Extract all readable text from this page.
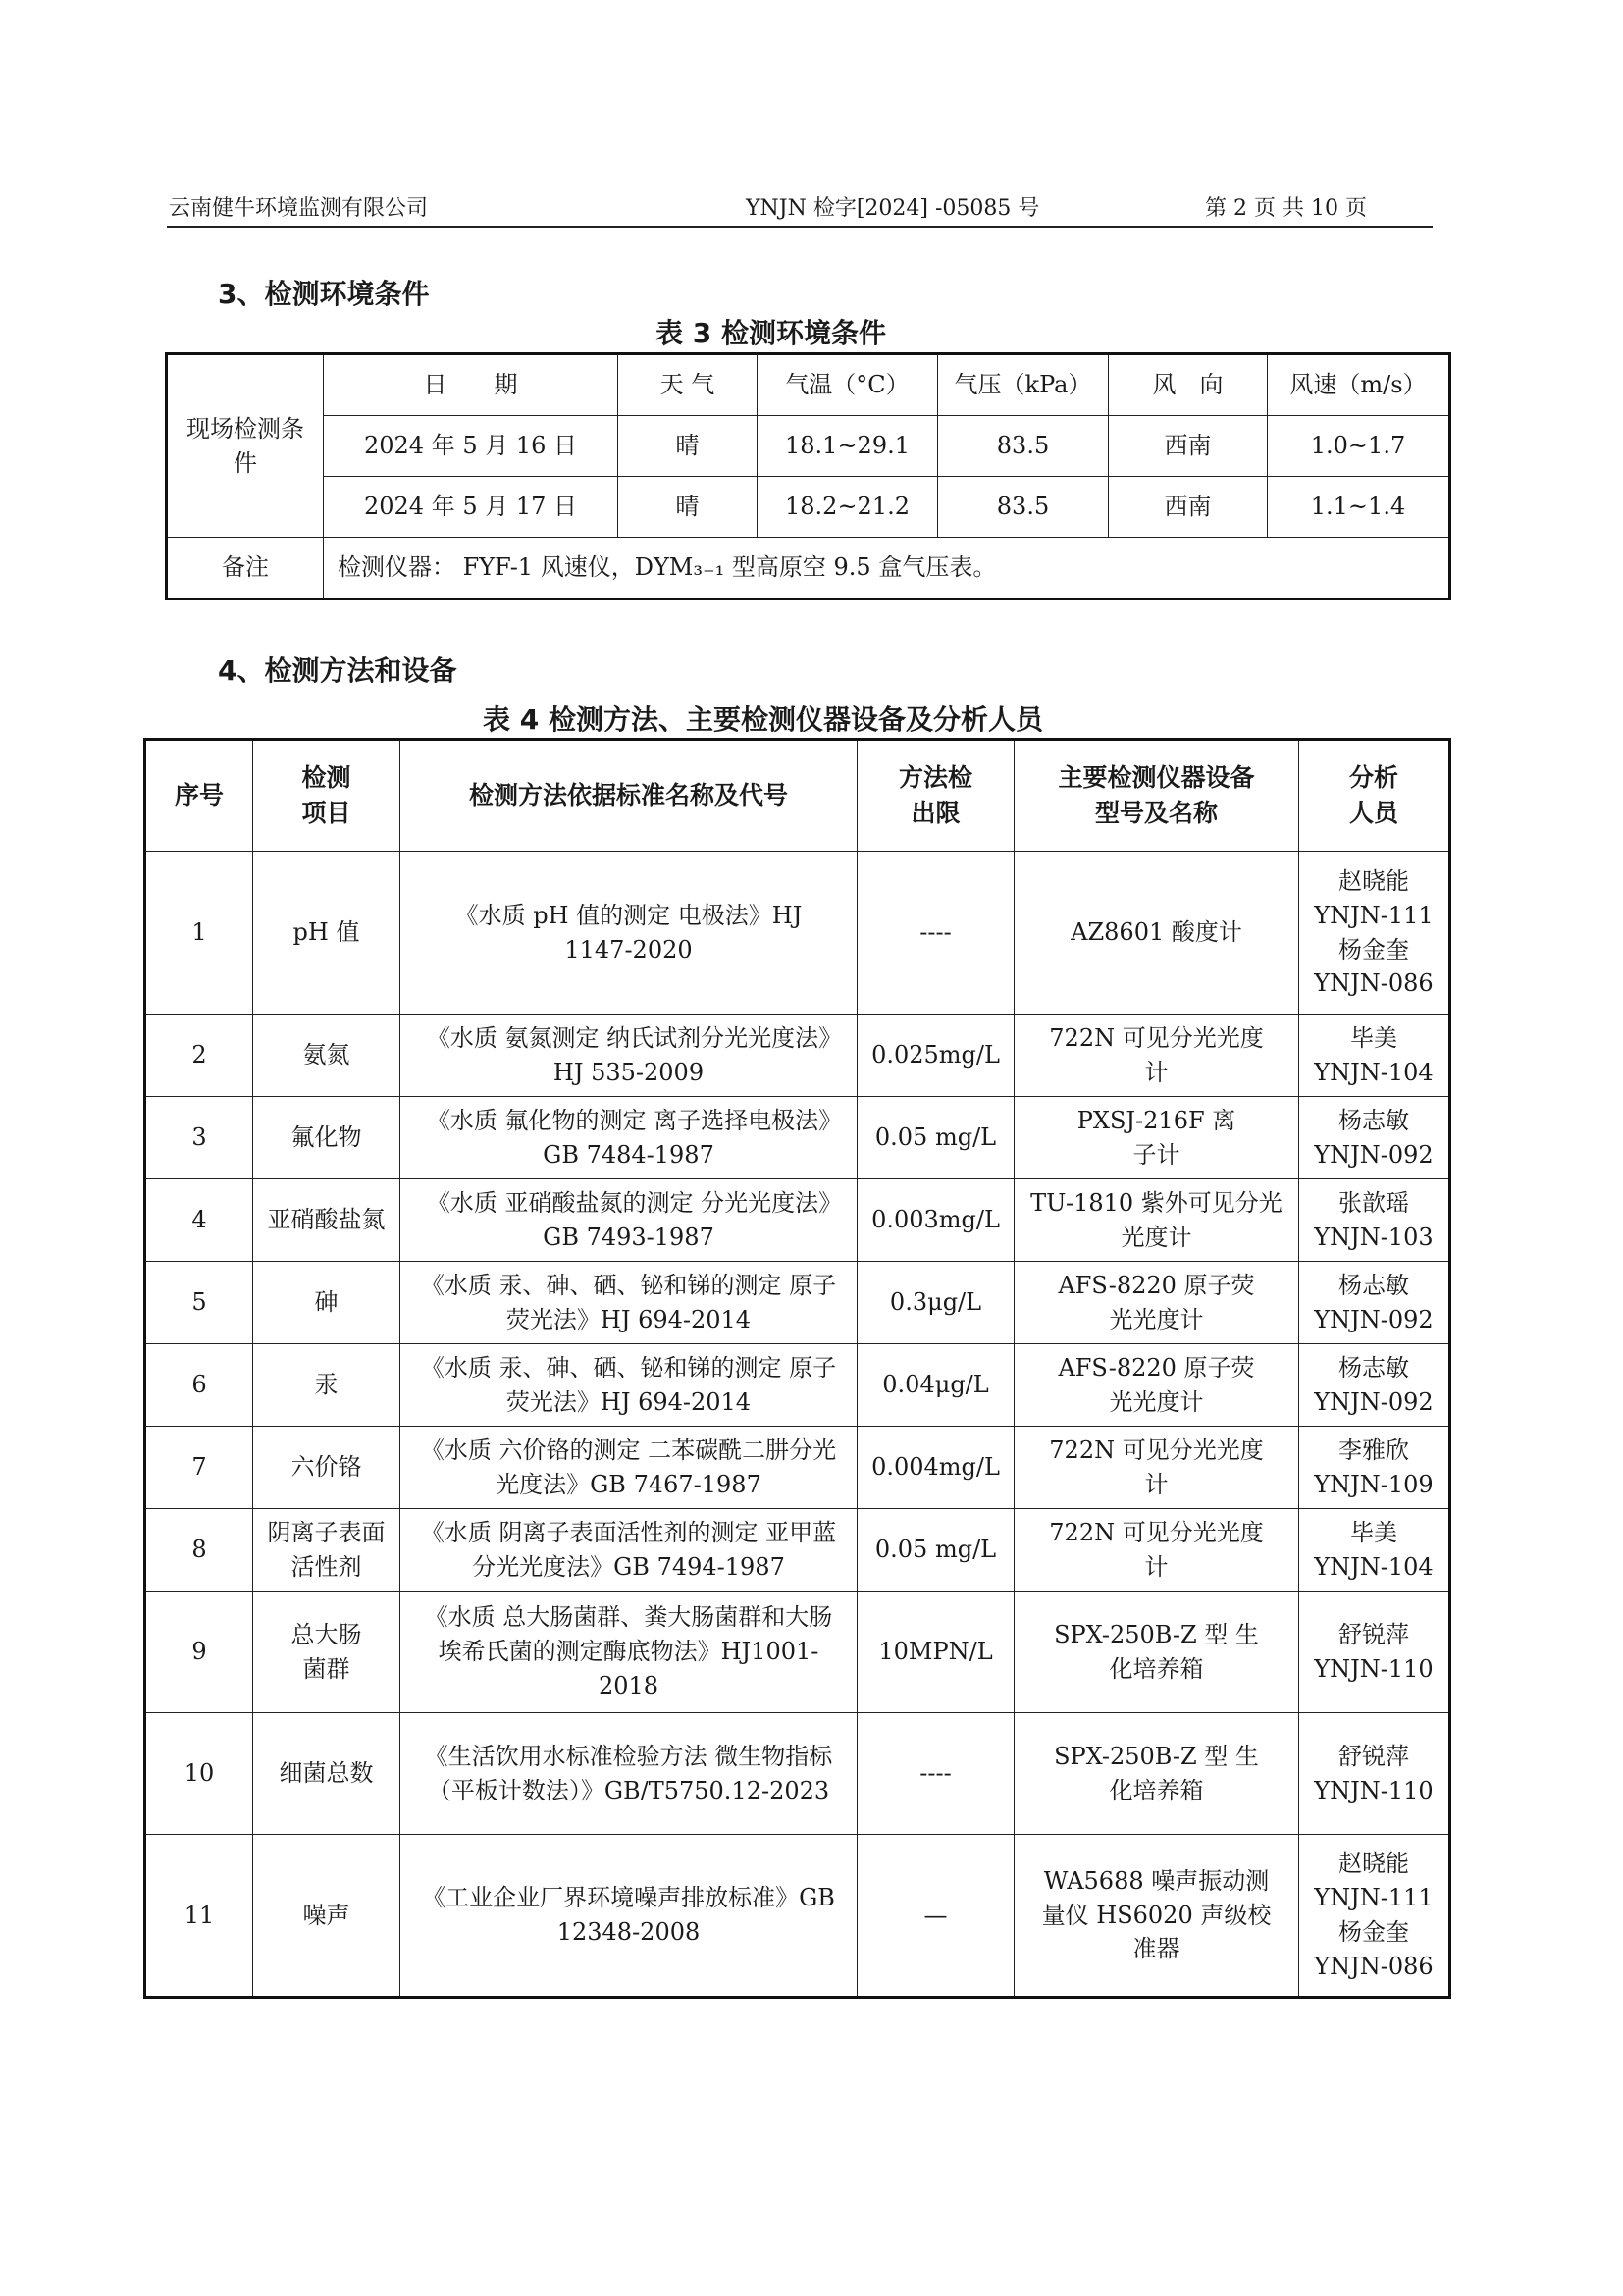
云南健牛环境监测有限公司	YNJN 检字[2024] -05085 号	第 2 页 共 10 页
3、检测环境条件
表 3 检测环境条件
现场检测条件	日　　期	天 气	气温（°C）	气压（kPa）	风　向	风速（m/s）
	2024 年 5 月 16 日	晴	18.1~29.1	83.5	西南	1.0~1.7
	2024 年 5 月 17 日	晴	18.2~21.2	83.5	西南	1.1~1.4
备注	检测仪器： FYF-1 风速仪，DYM₃₋₁ 型高原空 9.5 盒气压表。					
4、检测方法和设备
表 4 检测方法、主要检测仪器设备及分析人员
序号	检测项目	检测方法依据标准名称及代号	方法检出限	主要检测仪器设备型号及名称	分析人员
1	pH 值	《水质 pH 值的测定 电极法》HJ 1147-2020	----	AZ8601 酸度计	赵晓能
YNJN-111
杨金奎
YNJN-086

2	氨氮	《水质 氨氮测定 纳氏试剂分光光度法》HJ 535-2009	0.025mg/L	722N 可见分光光度计	毕美
YNJN-104

3	氟化物	《水质 氟化物的测定 离子选择电极法》GB 7484-1987	0.05 mg/L	PXSJ-216F 离子计	杨志敏
YNJN-092

4	亚硝酸盐氮	《水质 亚硝酸盐氮的测定 分光光度法》GB 7493-1987	0.003mg/L	TU-1810 紫外可见分光光度计	张歆瑶
YNJN-103

5	砷	《水质 汞、砷、硒、铋和锑的测定 原子荧光法》HJ 694-2014	0.3μg/L	AFS-8220 原子荧光光度计	杨志敏
YNJN-092

6	汞	《水质 汞、砷、硒、铋和锑的测定 原子荧光法》HJ 694-2014	0.04μg/L	AFS-8220 原子荧光光度计	杨志敏
YNJN-092

7	六价铬	《水质 六价铬的测定 二苯碳酰二肼分光光度法》GB 7467-1987	0.004mg/L	722N 可见分光光度计	李雅欣
YNJN-109

8	阴离子表面活性剂	《水质 阴离子表面活性剂的测定 亚甲蓝分光光度法》GB 7494-1987	0.05 mg/L	722N 可见分光光度计	毕美
YNJN-104

9	总大肠菌群	《水质 总大肠菌群、粪大肠菌群和大肠埃希氏菌的测定酶底物法》HJ1001-2018	10MPN/L	SPX-250B-Z 型 生化培养箱	舒锐萍
YNJN-110

10	细菌总数	《生活饮用水标准检验方法 微生物指标（平板计数法）》GB/T5750.12-2023	----	SPX-250B-Z 型 生化培养箱	舒锐萍
YNJN-110

11	噪声	《工业企业厂界环境噪声排放标准》GB 12348-2008	—	WA5688 噪声振动测量仪 HS6020 声级校准器	赵晓能
YNJN-111
杨金奎
YNJN-086
